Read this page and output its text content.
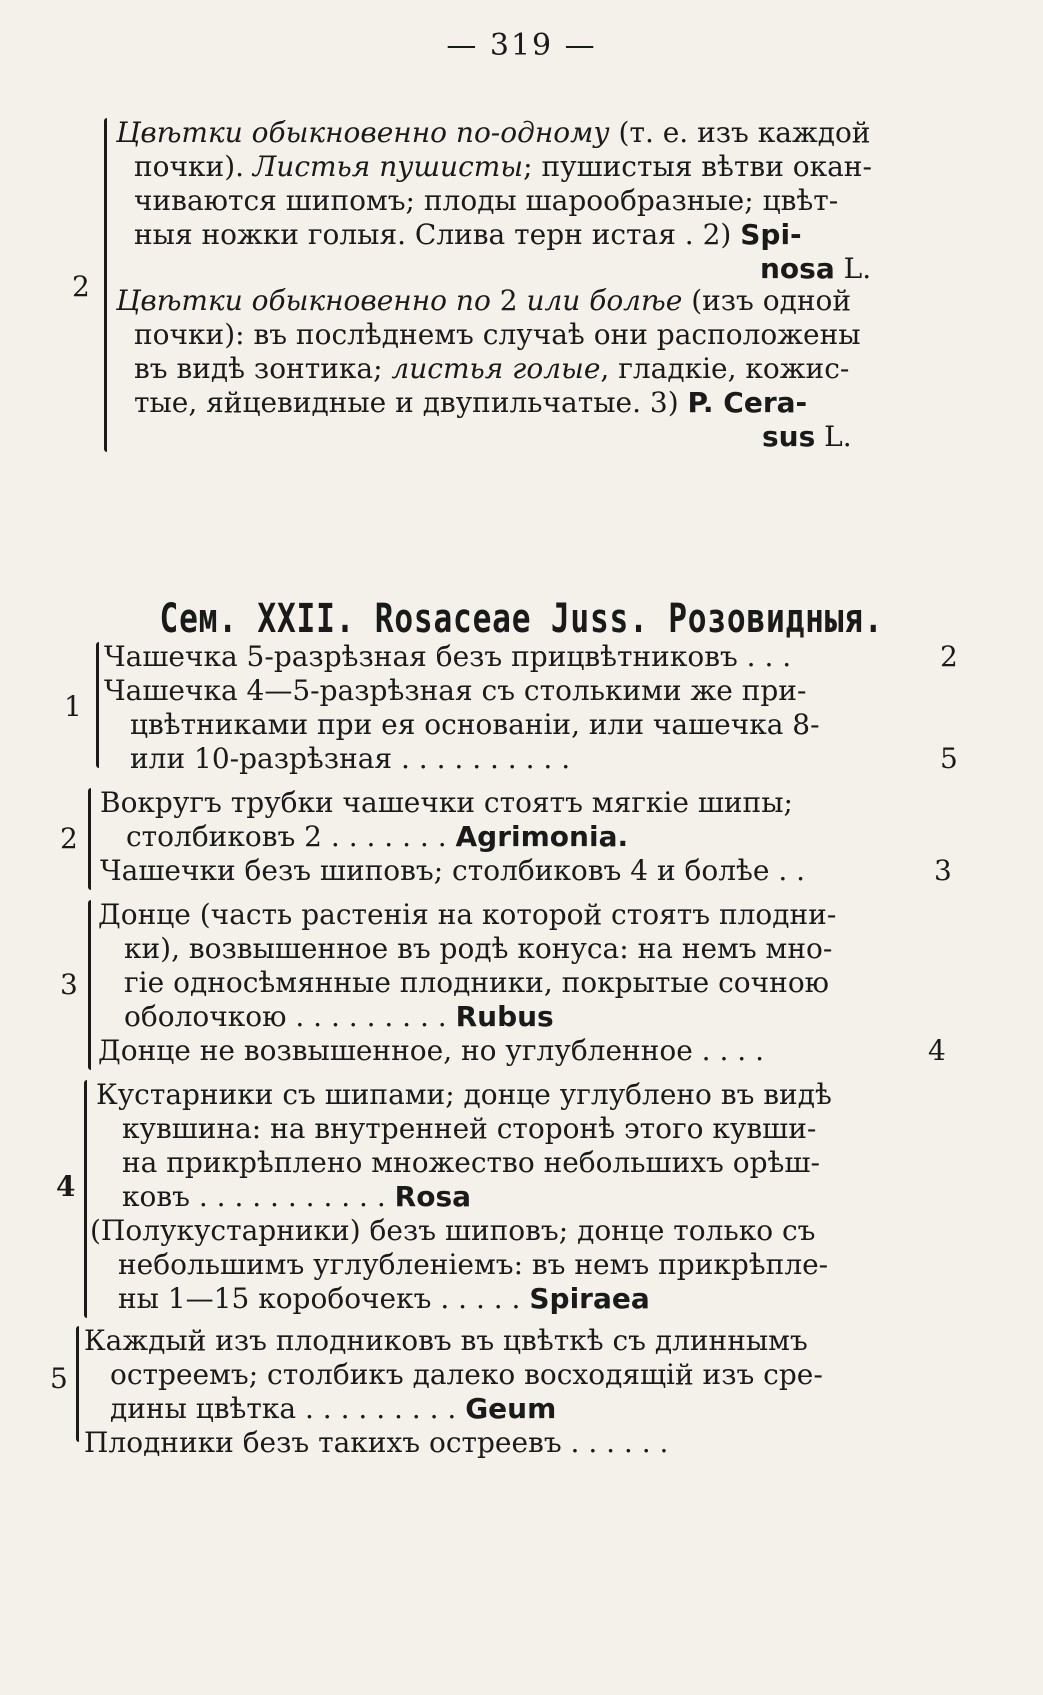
— 319 —
2
Цвѣтки обыкновенно по-одному (т. е. изъ каждой
почки). Листья пушисты; пушистыя вѣтви окан-
чиваются шипомъ; плоды шарообразные; цвѣт-
ныя ножки голыя. Слива терн истая . 2) Spi-
nosa L.
Цвѣтки обыкновенно по 2 или болѣе (изъ одной
почки): въ послѣднемъ случаѣ они расположены
въ видѣ зонтика; листья голые, гладкіе, кожис-
тые, яйцевидные и двупильчатые. 3) P. Cera-
sus L.
Сем. XXII. Rosaceae Juss. Розовидныя.
1
Чашечка 5-разрѣзная безъ прицвѣтниковъ . . .	2
Чашечка 4—5-разрѣзная съ столькими же при-
цвѣтниками при ея основаніи, или чашечка 8-
или 10-разрѣзная . . . . . . . . . .	5
2
Вокругъ трубки чашечки стоятъ мягкіе шипы;
столбиковъ 2 . . . . . . . Agrimonia.
Чашечки безъ шиповъ; столбиковъ 4 и болѣе . .	3
3
Донце (часть растенія на которой стоятъ плодни-
ки), возвышенное въ родѣ конуса: на немъ мно-
гіе односѣмянные плодники, покрытые сочною
оболочкою . . . . . . . . . Rubus
Донце не возвышенное, но углубленное . . . .	4
4
Кустарники съ шипами; донце углублено въ видѣ
кувшина: на внутренней сторонѣ этого кувши-
на прикрѣплено множество небольшихъ орѣш-
ковъ . . . . . . . . . . . Rosa
(Полукустарники) безъ шиповъ; донце только съ
небольшимъ углубленіемъ: въ немъ прикрѣпле-
ны 1—15 коробочекъ . . . . . Spiraea
5
Каждый изъ плодниковъ въ цвѣткѣ съ длиннымъ
остреемъ; столбикъ далеко восходящій изъ сре-
дины цвѣтка . . . . . . . . . Geum
Плодники безъ такихъ остреевъ . . . . . .
